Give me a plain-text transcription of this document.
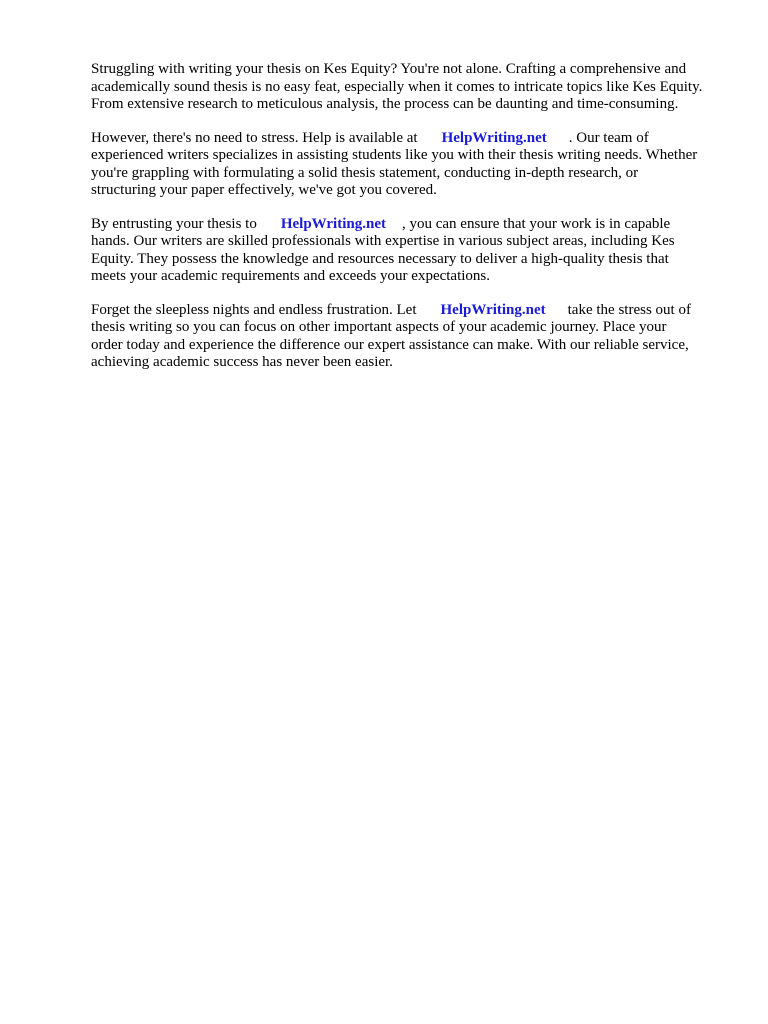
Struggling with writing your thesis on Kes Equity? You're not alone. Crafting a comprehensive and
academically sound thesis is no easy feat, especially when it comes to intricate topics like Kes Equity.
From extensive research to meticulous analysis, the process can be daunting and time-consuming.

However, there's no need to stress. Help is available at HelpWriting.net . Our team of
experienced writers specializes in assisting students like you with their thesis writing needs. Whether
you're grappling with formulating a solid thesis statement, conducting in-depth research, or
structuring your paper effectively, we've got you covered.

By entrusting your thesis to HelpWriting.net , you can ensure that your work is in capable
hands. Our writers are skilled professionals with expertise in various subject areas, including Kes
Equity. They possess the knowledge and resources necessary to deliver a high-quality thesis that
meets your academic requirements and exceeds your expectations.

Forget the sleepless nights and endless frustration. Let HelpWriting.net take the stress out of
thesis writing so you can focus on other important aspects of your academic journey. Place your
order today and experience the difference our expert assistance can make. With our reliable service,
achieving academic success has never been easier.
